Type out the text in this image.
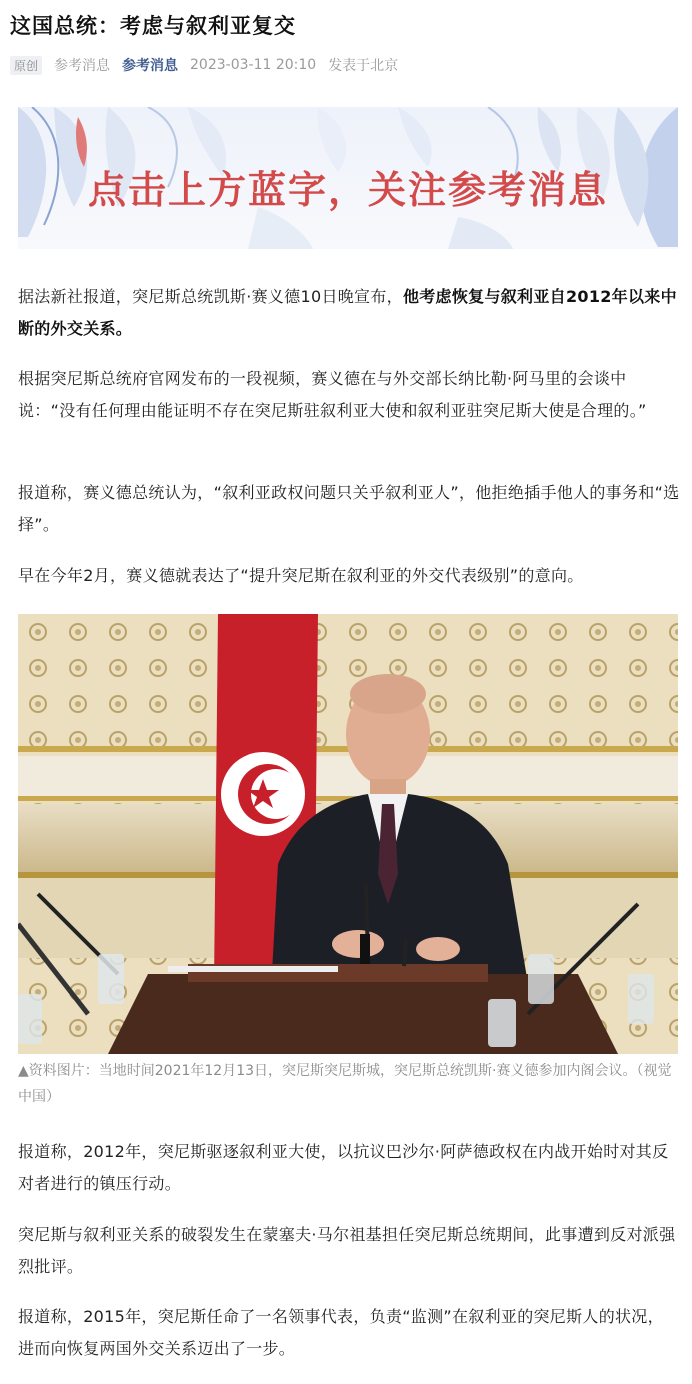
这国总统：考虑与叙利亚复交
原创 参考消息 参考消息 2023-03-11 20:10 发表于北京
点击上方蓝字，关注参考消息

据法新社报道，突尼斯总统凯斯·赛义德10日晚宣布，他考虑恢复与叙利亚自2012年以来中断的外交关系。

根据突尼斯总统府官网发布的一段视频，赛义德在与外交部长纳比勒·阿马里的会谈中说：“没有任何理由能证明不存在突尼斯驻叙利亚大使和叙利亚驻突尼斯大使是合理的。”

报道称，赛义德总统认为，“叙利亚政权问题只关乎叙利亚人”，他拒绝插手他人的事务和“选择”。

早在今年2月，赛义德就表达了“提升突尼斯在叙利亚的外交代表级别”的意向。

﻿

▲资料图片：当地时间2021年12月13日，突尼斯突尼斯城，突尼斯总统凯斯·赛义德参加内阁会议。（视觉中国）

报道称，2012年，突尼斯驱逐叙利亚大使，以抗议巴沙尔·阿萨德政权在内战开始时对其反对者进行的镇压行动。

突尼斯与叙利亚关系的破裂发生在蒙塞夫·马尔祖基担任突尼斯总统期间，此事遭到反对派强烈批评。

报道称，2015年，突尼斯任命了一名领事代表，负责“监测”在叙利亚的突尼斯人的状况，进而向恢复两国外交关系迈出了一步。
